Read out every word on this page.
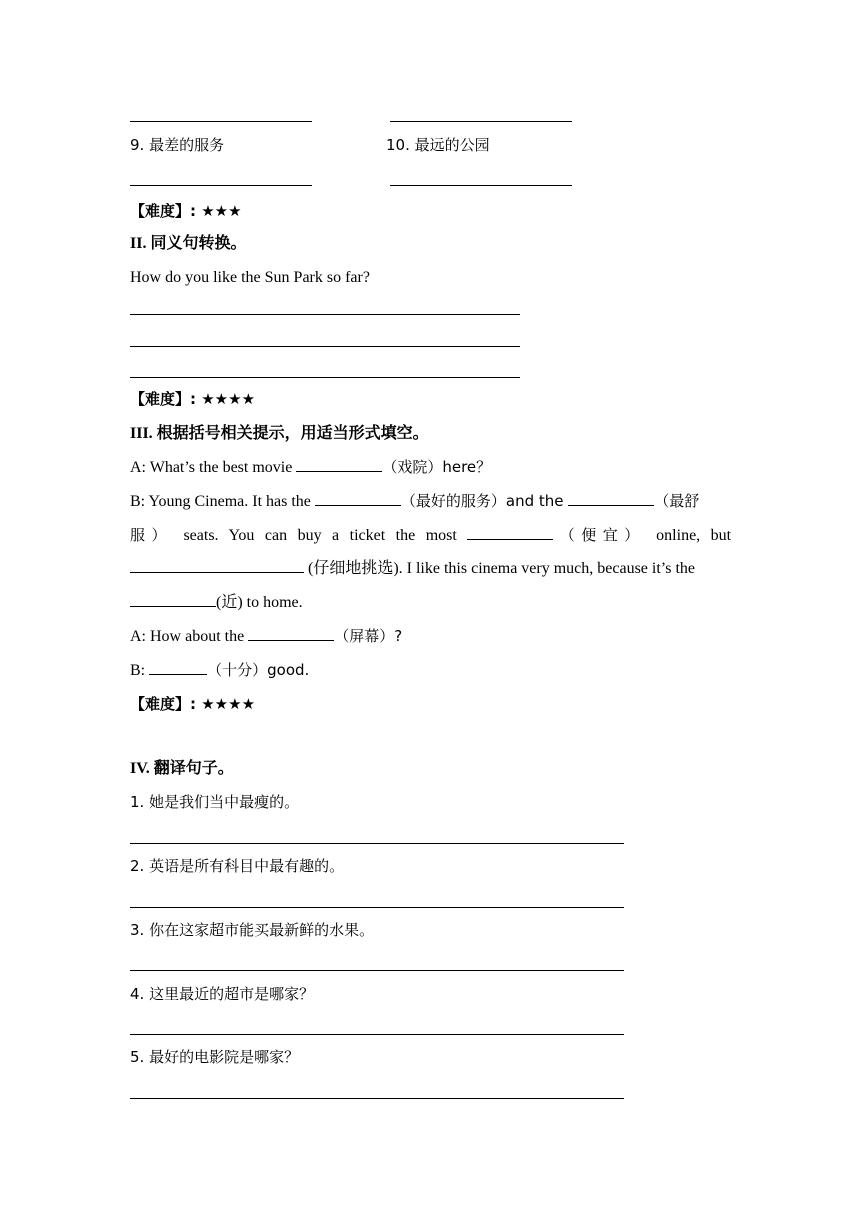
9. 最差的服务	10. 最远的公园
【难度】: ★★★
II. 同义句转换。
How do you like the Sun Park so far?
【难度】: ★★★★
III. 根据括号相关提示，用适当形式填空。
A: What’s the best movie	（戏院）here？
B: Young Cinema. It has the	（最好的服务）and the	（最舒
服） seats. You can buy a ticket the most	（便宜） online, but
(仔细地挑选). I like this cinema very much, because it’s the
(近) to home.
A: How about the	（屏幕）?
B:	（十分）good.
【难度】: ★★★★
IV. 翻译句子。
1. 她是我们当中最瘦的。
2. 英语是所有科目中最有趣的。
3. 你在这家超市能买最新鲜的水果。
4. 这里最近的超市是哪家？
5. 最好的电影院是哪家？
